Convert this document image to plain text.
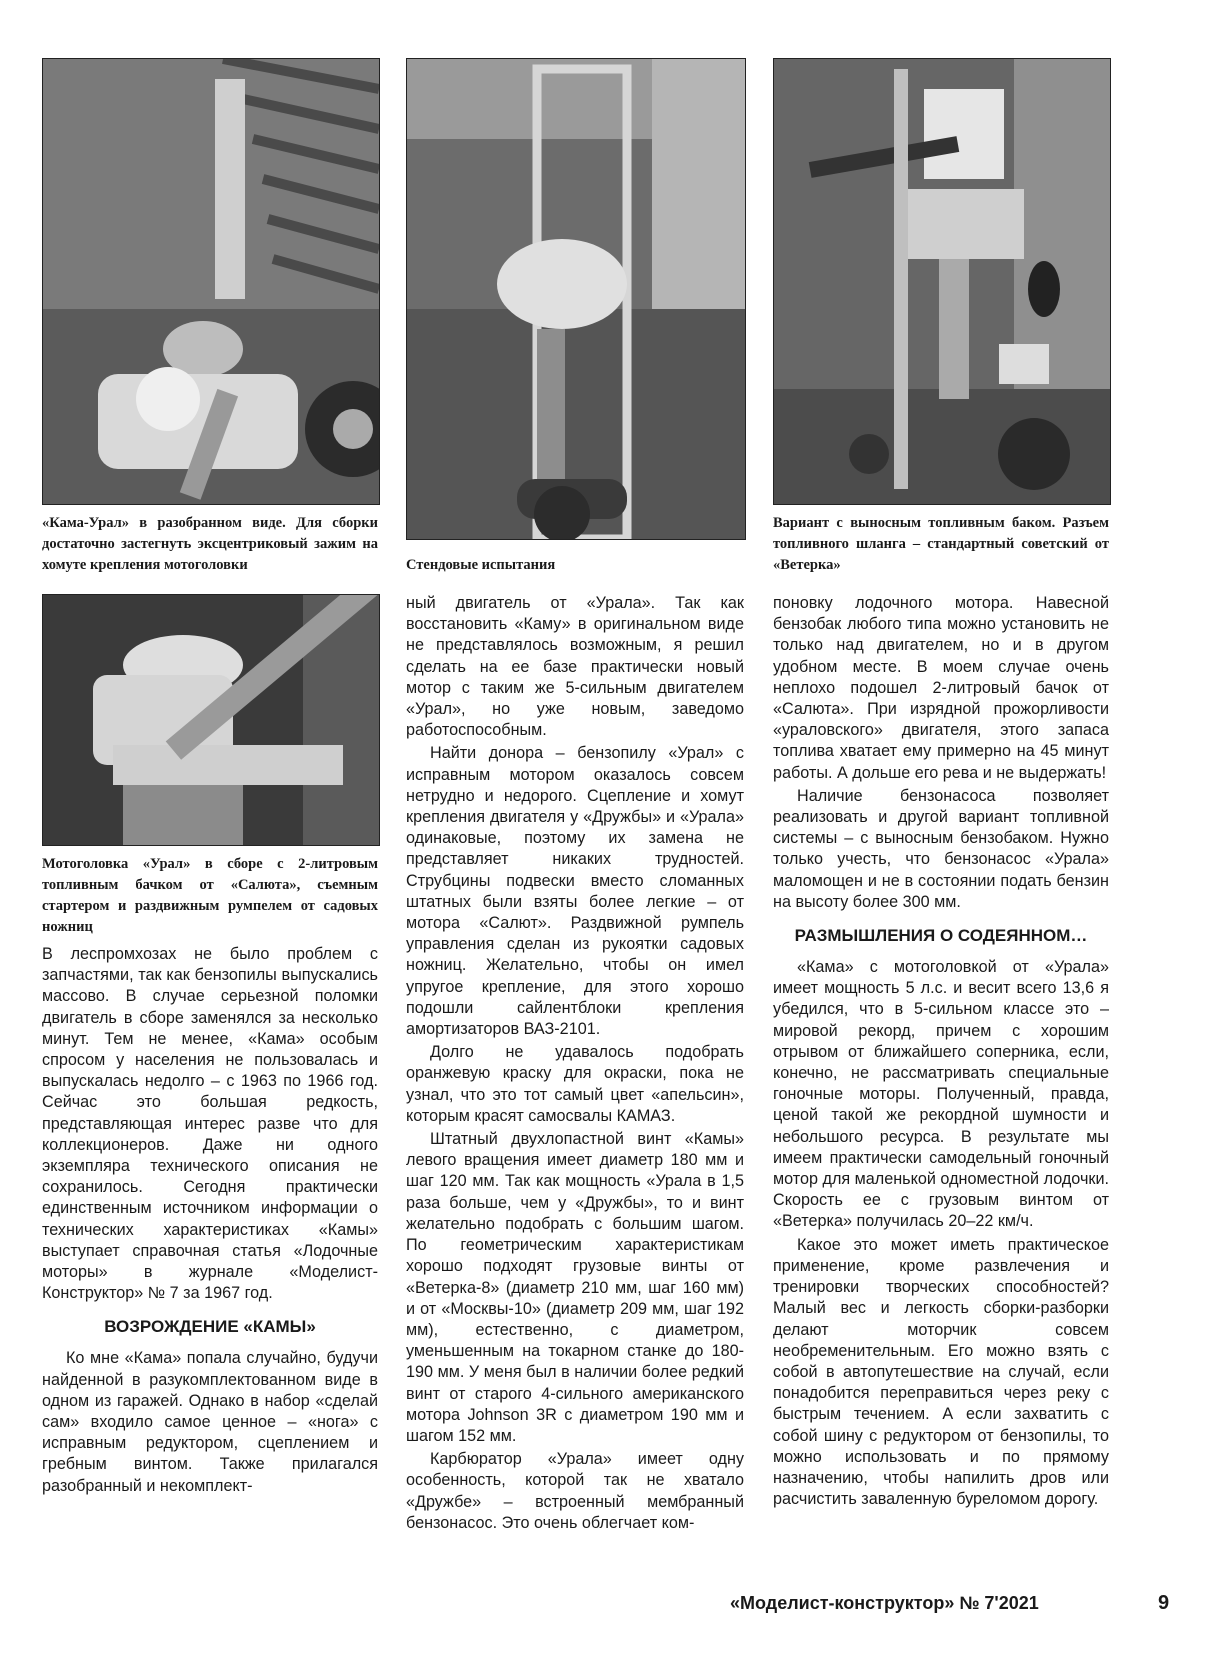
«Кама-Урал» в разобранном виде. Для сборки достаточно застегнуть эксцентриковый зажим на хомуте крепления мотоголовки	Стендовые испытания
Вариант с выносным топливным баком. Разъем топливного шланга – стандартный советский от «Ветерка»
Мотоголовка «Урал» в сборе с 2-литровым топливным бачком от «Салюта», съемным стартером и раздвижным румпелем от садовых ножниц

В леспромхозах не было проблем с запчастями, так как бензопилы выпускались массово. В случае серьезной поломки двигатель в сборе заменялся за несколько минут. Тем не менее, «Кама» особым спросом у населения не пользовалась и выпускалась недолго – с 1963 по 1966 год. Сейчас это большая редкость, представляющая интерес разве что для коллекционеров. Даже ни одного экземпляра технического описания не сохранилось. Сегодня практически единственным источником информации о технических характеристиках «Камы» выступает справочная статья «Лодочные моторы» в журнале «Моделист-Конструктор» № 7 за 1967 год.

ВОЗРОЖДЕНИЕ «КАМЫ»

Ко мне «Кама» попала случайно, будучи найденной в разукомплектованном виде в одном из гаражей. Однако в набор «сделай сам» входило самое ценное – «нога» с исправным редуктором, сцеплением и гребным винтом. Также прилагался разобранный и некомплект-

ный двигатель от «Урала». Так как восстановить «Каму» в оригинальном виде не представлялось возможным, я решил сделать на ее базе практически новый мотор с таким же 5-сильным двигателем «Урал», но уже новым, заведомо работоспособным.

Найти донора – бензопилу «Урал» с исправным мотором оказалось совсем нетрудно и недорого. Сцепление и хомут крепления двигателя у «Дружбы» и «Урала» одинаковые, поэтому их замена не представляет никаких трудностей. Струбцины подвески вместо сломанных штатных были взяты более легкие – от мотора «Салют». Раздвижной румпель управления сделан из рукоятки садовых ножниц. Желательно, чтобы он имел упругое крепление, для этого хорошо подошли сайлентблоки крепления амортизаторов ВАЗ-2101.

Долго не удавалось подобрать оранжевую краску для окраски, пока не узнал, что это тот самый цвет «апельсин», которым красят самосвалы КАМАЗ.

Штатный двухлопастной винт «Камы» левого вращения имеет диаметр 180 мм и шаг 120 мм. Так как мощность «Урала в 1,5 раза больше, чем у «Дружбы», то и винт желательно подобрать с большим шагом. По геометрическим характеристикам хорошо подходят грузовые винты от «Ветерка-8» (диаметр 210 мм, шаг 160 мм) и от «Москвы-10» (диаметр 209 мм, шаг 192 мм), естественно, с диаметром, уменьшенным на токарном станке до 180-190 мм. У меня был в наличии более редкий винт от старого 4-сильного американского мотора Johnson 3R с диаметром 190 мм и шагом 152 мм.

Карбюратор «Урала» имеет одну особенность, которой так не хватало «Дружбе» – встроенный мембранный бензонасос. Это очень облегчает ком-

поновку лодочного мотора. Навесной бензобак любого типа можно установить не только над двигателем, но и в другом удобном месте. В моем случае очень неплохо подошел 2-литровый бачок от «Салюта». При изрядной прожорливости «ураловского» двигателя, этого запаса топлива хватает ему примерно на 45 минут работы. А дольше его рева и не выдержать!

Наличие бензонасоса позволяет реализовать и другой вариант топливной системы – с выносным бензобаком. Нужно только учесть, что бензонасос «Урала» маломощен и не в состоянии подать бензин на высоту более 300 мм.

РАЗМЫШЛЕНИЯ О СОДЕЯННОМ…

«Кама» с мотоголовкой от «Урала» имеет мощность 5 л.с. и весит всего 13,6 я убедился, что в 5-сильном классе это – мировой рекорд, причем с хорошим отрывом от ближайшего соперника, если, конечно, не рассматривать специальные гоночные моторы. Полученный, правда, ценой такой же рекордной шумности и небольшого ресурса. В результате мы имеем практически самодельный гоночный мотор для маленькой одноместной лодочки. Скорость ее с грузовым винтом от «Ветерка» получилась 20–22 км/ч.

Какое это может иметь практическое применение, кроме развлечения и тренировки творческих способностей? Малый вес и легкость сборки-разборки делают моторчик совсем необременительным. Его можно взять с собой в автопутешествие на случай, если понадобится переправиться через реку с быстрым течением. А если захватить с собой шину с редуктором от бензопилы, то можно использовать и по прямому назначению, чтобы напилить дров или расчистить заваленную буреломом дорогу.

«Моделист-конструктор» № 7'2021	9
